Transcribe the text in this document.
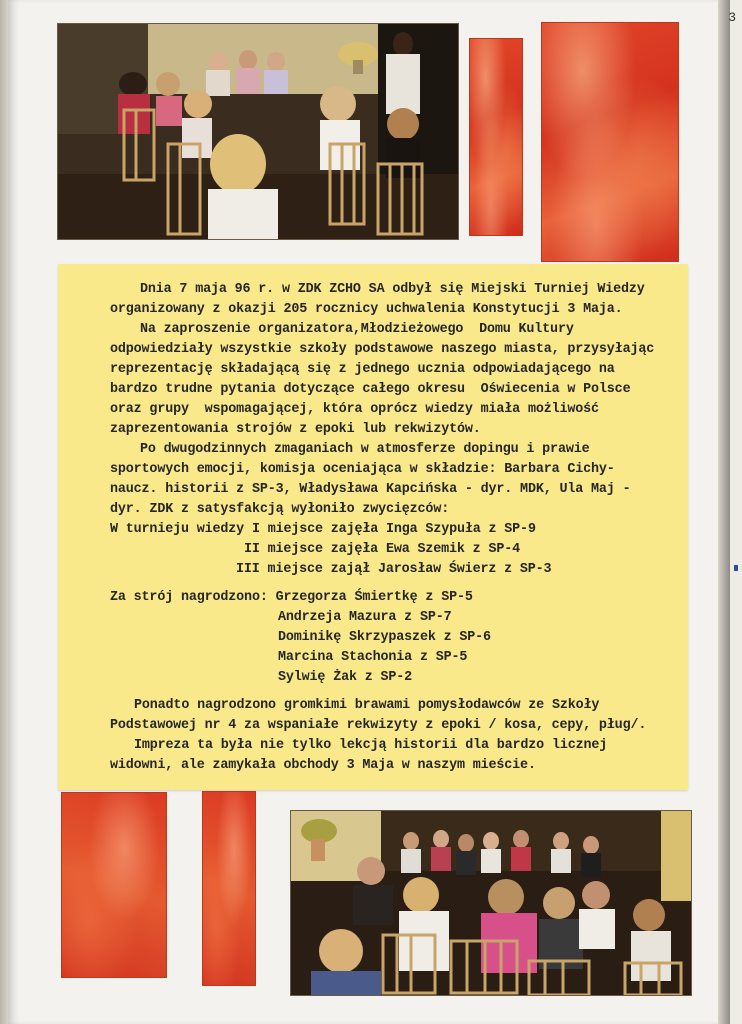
3
Dnia 7 maja 96 r. w ZDK ZCHO SA odbył się Miejski Turniej Wiedzy
organizowany z okazji 205 rocznicy uchwalenia Konstytucji 3 Maja.
Na zaproszenie organizatora,Młodzieżowego  Domu Kultury
odpowiedziały wszystkie szkoły podstawowe naszego miasta, przysyłając
reprezentację składającą się z jednego ucznia odpowiadającego na
bardzo trudne pytania dotyczące całego okresu  Oświecenia w Polsce
oraz grupy  wspomagającej, która oprócz wiedzy miała możliwość
zaprezentowania strojów z epoki lub rekwizytów.
Po dwugodzinnych zmaganiach w atmosferze dopingu i prawie
sportowych emocji, komisja oceniająca w składzie: Barbara Cichy-
naucz. historii z SP-3, Władysława Kapcińska - dyr. MDK, Ula Maj -
dyr. ZDK z satysfakcją wyłoniło zwycięzców:
W turnieju wiedzy I miejsce zajęła Inga Szypuła z SP-9
II miejsce zajęła Ewa Szemik z SP-4
III miejsce zajął Jarosław Świerz z SP-3
Za strój nagrodzono: Grzegorza Śmiertkę z SP-5
Andrzeja Mazura z SP-7
Dominikę Skrzypaszek z SP-6
Marcina Stachonia z SP-5
Sylwię Żak z SP-2
Ponadto nagrodzono gromkimi brawami pomysłodawców ze Szkoły
Podstawowej nr 4 za wspaniałe rekwizyty z epoki / kosa, cepy, pług/.
Impreza ta była nie tylko lekcją historii dla bardzo licznej
widowni, ale zamykała obchody 3 Maja w naszym mieście.
